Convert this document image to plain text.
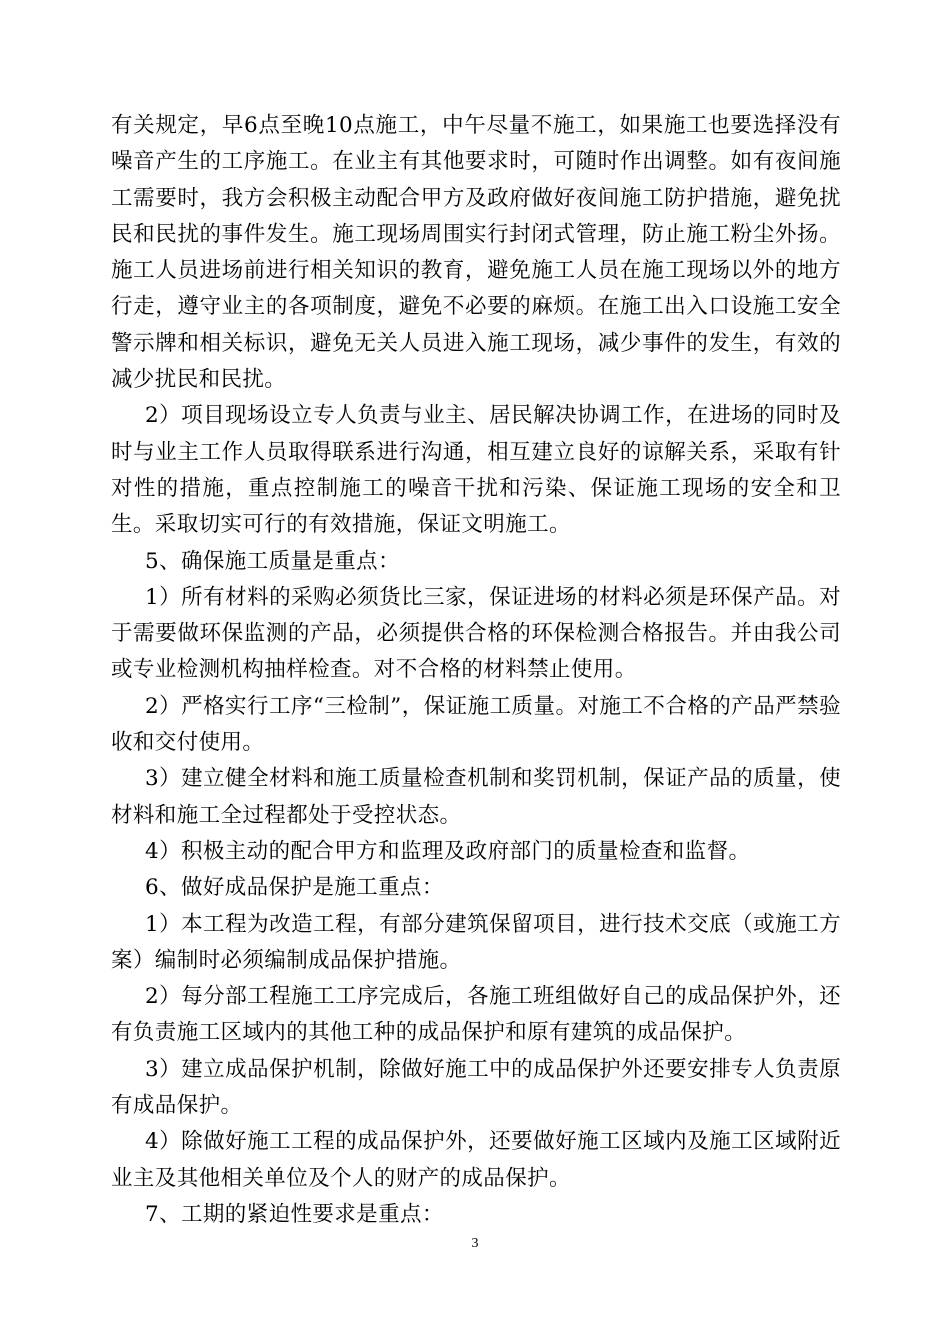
有关规定，早6点至晚10点施工，中午尽量不施工，如果施工也要选择没有噪音产生的工序施工。在业主有其他要求时，可随时作出调整。如有夜间施工需要时，我方会积极主动配合甲方及政府做好夜间施工防护措施，避免扰民和民扰的事件发生。施工现场周围实行封闭式管理，防止施工粉尘外扬。施工人员进场前进行相关知识的教育，避免施工人员在施工现场以外的地方行走，遵守业主的各项制度，避免不必要的麻烦。在施工出入口设施工安全警示牌和相关标识，避免无关人员进入施工现场，减少事件的发生，有效的减少扰民和民扰。

2）项目现场设立专人负责与业主、居民解决协调工作，在进场的同时及时与业主工作人员取得联系进行沟通，相互建立良好的谅解关系，采取有针对性的措施，重点控制施工的噪音干扰和污染、保证施工现场的安全和卫生。采取切实可行的有效措施，保证文明施工。

5、确保施工质量是重点：

1）所有材料的采购必须货比三家，保证进场的材料必须是环保产品。对于需要做环保监测的产品，必须提供合格的环保检测合格报告。并由我公司或专业检测机构抽样检查。对不合格的材料禁止使用。

2）严格实行工序“三检制”，保证施工质量。对施工不合格的产品严禁验收和交付使用。

3）建立健全材料和施工质量检查机制和奖罚机制，保证产品的质量，使材料和施工全过程都处于受控状态。

4）积极主动的配合甲方和监理及政府部门的质量检查和监督。

6、做好成品保护是施工重点：

1）本工程为改造工程，有部分建筑保留项目，进行技术交底（或施工方案）编制时必须编制成品保护措施。

2）每分部工程施工工序完成后，各施工班组做好自己的成品保护外，还有负责施工区域内的其他工种的成品保护和原有建筑的成品保护。

3）建立成品保护机制，除做好施工中的成品保护外还要安排专人负责原有成品保护。

4）除做好施工工程的成品保护外，还要做好施工区域内及施工区域附近业主及其他相关单位及个人的财产的成品保护。

7、工期的紧迫性要求是重点：

3
